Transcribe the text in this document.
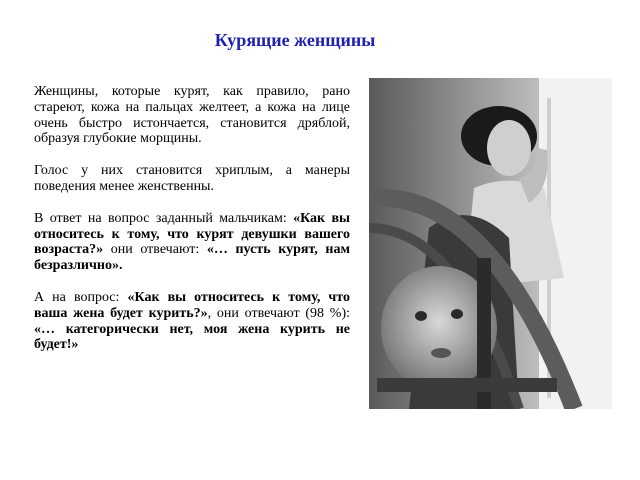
Курящие женщины

Женщины, которые курят, как правило, рано стареют, кожа на пальцах желтеет, а кожа на лице очень быстро истончается, становится дряблой, образуя глубокие морщины.

Голос у них становится хриплым, а манеры поведения менее женственны.

В ответ на вопрос заданный мальчикам: «Как вы относитесь к тому, что курят девушки вашего возраста?» они отвечают: «… пусть курят, нам безразлично».

А на вопрос: «Как вы относитесь к тому, что ваша жена будет курить?», они отвечают (98 %): «… категорически нет, моя жена курить не будет!»
